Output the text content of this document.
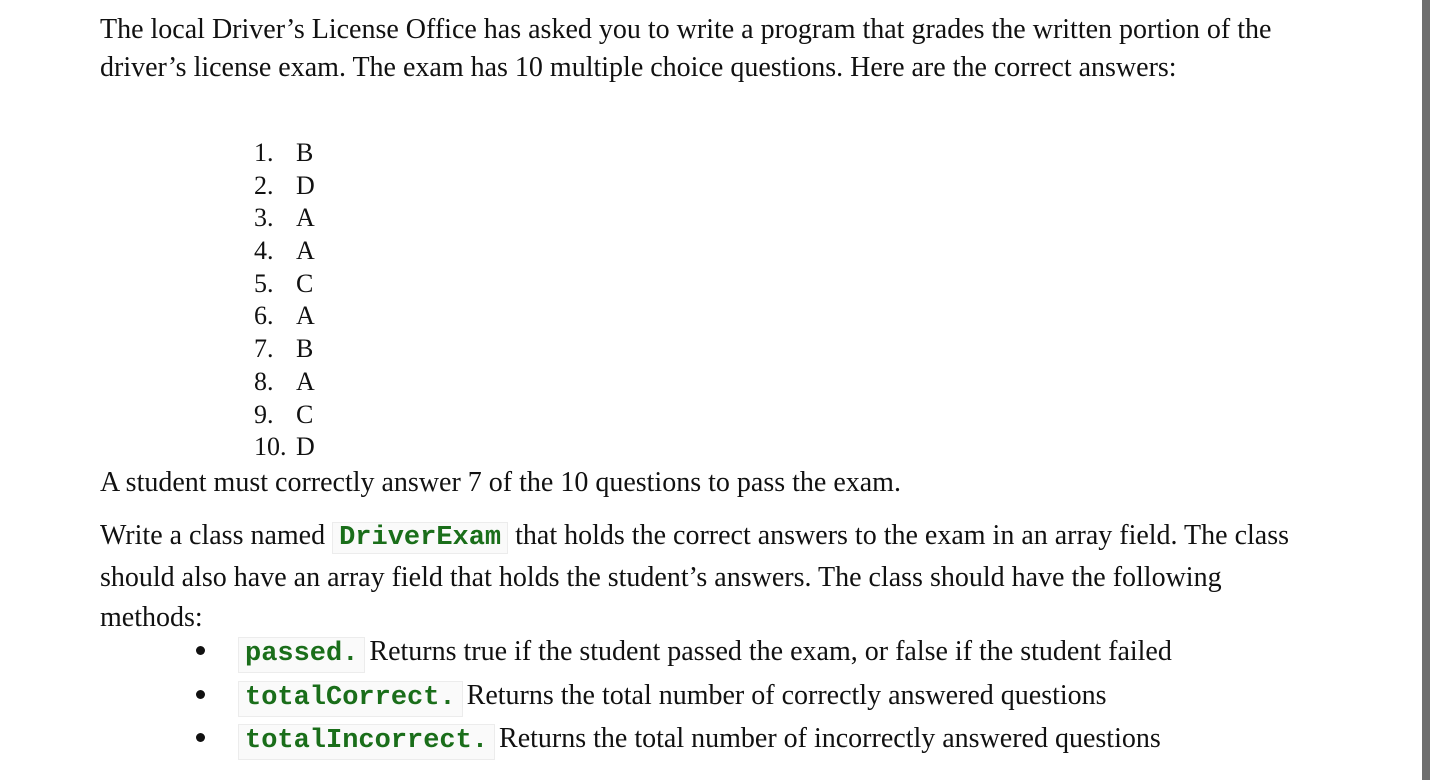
The local Driver’s License Office has asked you to write a program that grades the written portion of the driver’s license exam. The exam has 10 multiple choice questions. Here are the correct answers:

1. B
2. D
3. A
4. A
5. C
6. A
7. B
8. A
9. C
10. D

A student must correctly answer 7 of the 10 questions to pass the exam.

Write a class named DriverExam that holds the correct answers to the exam in an array field. The class should also have an array field that holds the student’s answers. The class should have the following methods:

passed. Returns true if the student passed the exam, or false if the student failed
totalCorrect. Returns the total number of correctly answered questions
totalIncorrect. Returns the total number of incorrectly answered questions
